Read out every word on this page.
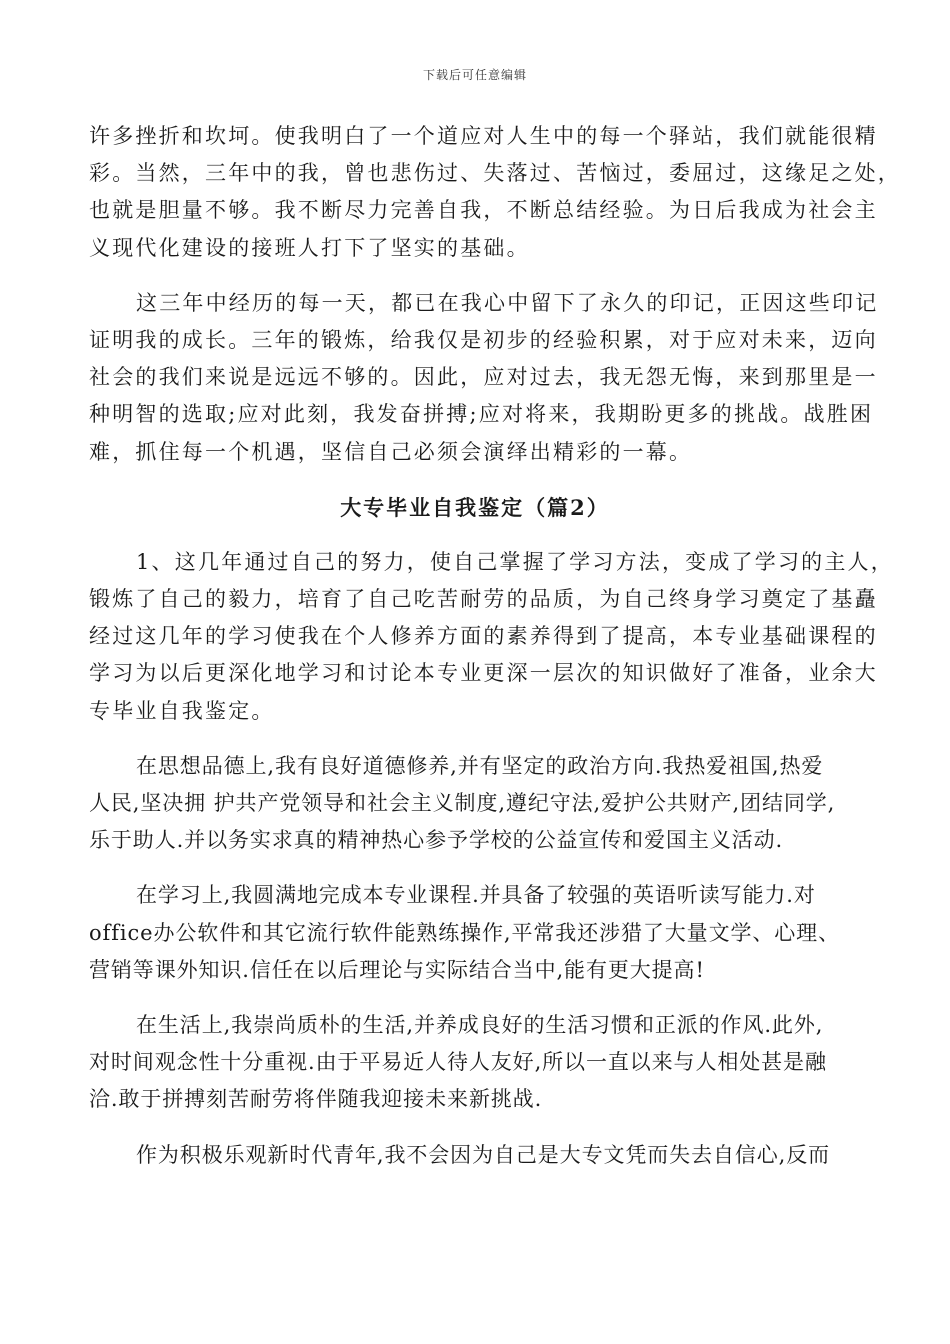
下载后可任意编辑
许多挫折和坎坷。使我明白了一个道应对人生中的每一个驿站，我们就能很精
彩。当然，三年中的我，曾也悲伤过、失落过、苦恼过，委屈过，这缘足之处，
也就是胆量不够。我不断尽力完善自我，不断总结经验。为日后我成为社会主
义现代化建设的接班人打下了坚实的基础。
这三年中经历的每一天，都已在我心中留下了永久的印记，正因这些印记
证明我的成长。三年的锻炼，给我仅是初步的经验积累，对于应对未来，迈向
社会的我们来说是远远不够的。因此，应对过去，我无怨无悔，来到那里是一
种明智的选取;应对此刻，我发奋拼搏;应对将来，我期盼更多的挑战。战胜困
难，抓住每一个机遇，坚信自己必须会演绎出精彩的一幕。
大专毕业自我鉴定（篇2）
1、这几年通过自己的努力，使自己掌握了学习方法，变成了学习的主人，
锻炼了自己的毅力，培育了自己吃苦耐劳的品质，为自己终身学习奠定了基矗
经过这几年的学习使我在个人修养方面的素养得到了提高，本专业基础课程的
学习为以后更深化地学习和讨论本专业更深一层次的知识做好了准备，业余大
专毕业自我鉴定。
在思想品德上,我有良好道德修养,并有坚定的政治方向.我热爱祖国,热爱
人民,坚决拥 护共产党领导和社会主义制度,遵纪守法,爱护公共财产,团结同学,
乐于助人.并以务实求真的精神热心参予学校的公益宣传和爱国主义活动.
在学习上,我圆满地完成本专业课程.并具备了较强的英语听读写能力.对
office办公软件和其它流行软件能熟练操作,平常我还涉猎了大量文学、心理、
营销等课外知识.信任在以后理论与实际结合当中,能有更大提高!
在生活上,我崇尚质朴的生活,并养成良好的生活习惯和正派的作风.此外,
对时间观念性十分重视.由于平易近人待人友好,所以一直以来与人相处甚是融
洽.敢于拼搏刻苦耐劳将伴随我迎接未来新挑战.
作为积极乐观新时代青年,我不会因为自己是大专文凭而失去自信心,反而
